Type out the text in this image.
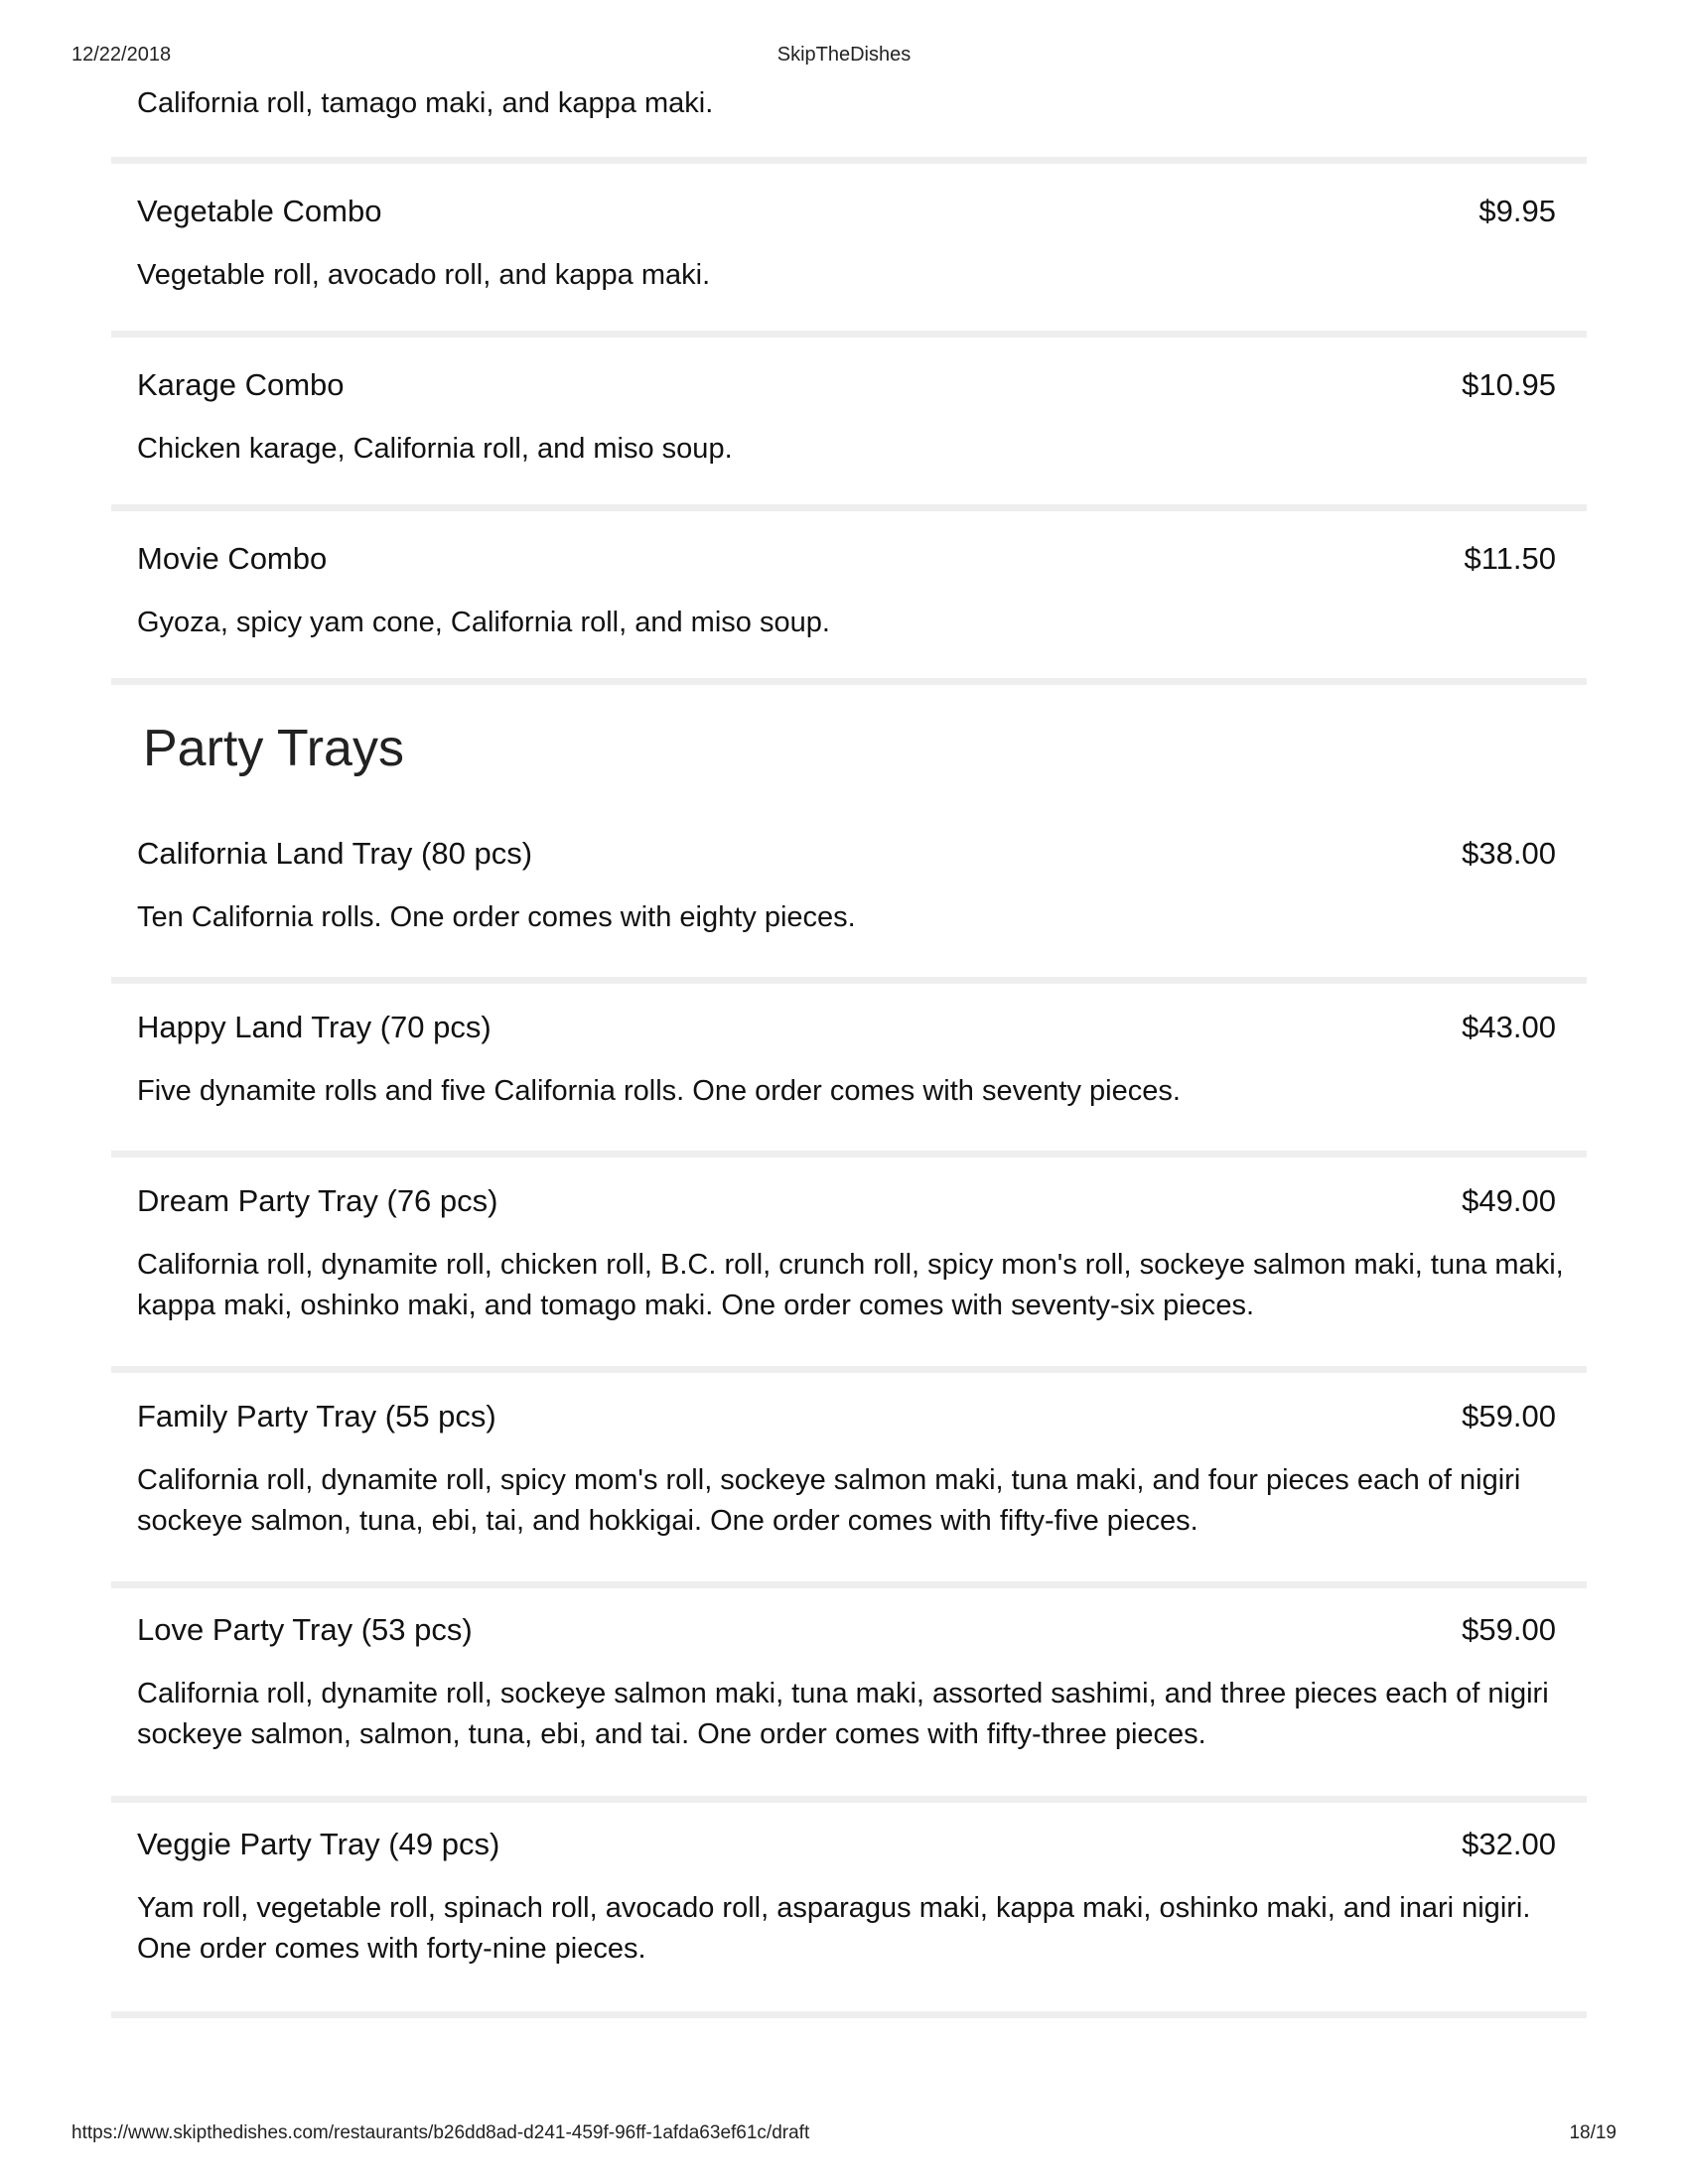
12/22/2018	SkipTheDishes
California roll, tamago maki, and kappa maki.
Vegetable Combo	$9.95
Vegetable roll, avocado roll, and kappa maki.
Karage Combo	$10.95
Chicken karage, California roll, and miso soup.
Movie Combo	$11.50
Gyoza, spicy yam cone, California roll, and miso soup.
Party Trays
California Land Tray (80 pcs)	$38.00
Ten California rolls. One order comes with eighty pieces.
Happy Land Tray (70 pcs)	$43.00
Five dynamite rolls and five California rolls. One order comes with seventy pieces.
Dream Party Tray (76 pcs)	$49.00
California roll, dynamite roll, chicken roll, B.C. roll, crunch roll, spicy mon's roll, sockeye salmon maki, tuna maki, kappa maki, oshinko maki, and tomago maki. One order comes with seventy-six pieces.
Family Party Tray (55 pcs)	$59.00
California roll, dynamite roll, spicy mom's roll, sockeye salmon maki, tuna maki, and four pieces each of nigiri sockeye salmon, tuna, ebi, tai, and hokkigai. One order comes with fifty-five pieces.
Love Party Tray (53 pcs)	$59.00
California roll, dynamite roll, sockeye salmon maki, tuna maki, assorted sashimi, and three pieces each of nigiri sockeye salmon, salmon, tuna, ebi, and tai. One order comes with fifty-three pieces.
Veggie Party Tray (49 pcs)	$32.00
Yam roll, vegetable roll, spinach roll, avocado roll, asparagus maki, kappa maki, oshinko maki, and inari nigiri. One order comes with forty-nine pieces.
https://www.skipthedishes.com/restaurants/b26dd8ad-d241-459f-96ff-1afda63ef61c/draft	18/19
